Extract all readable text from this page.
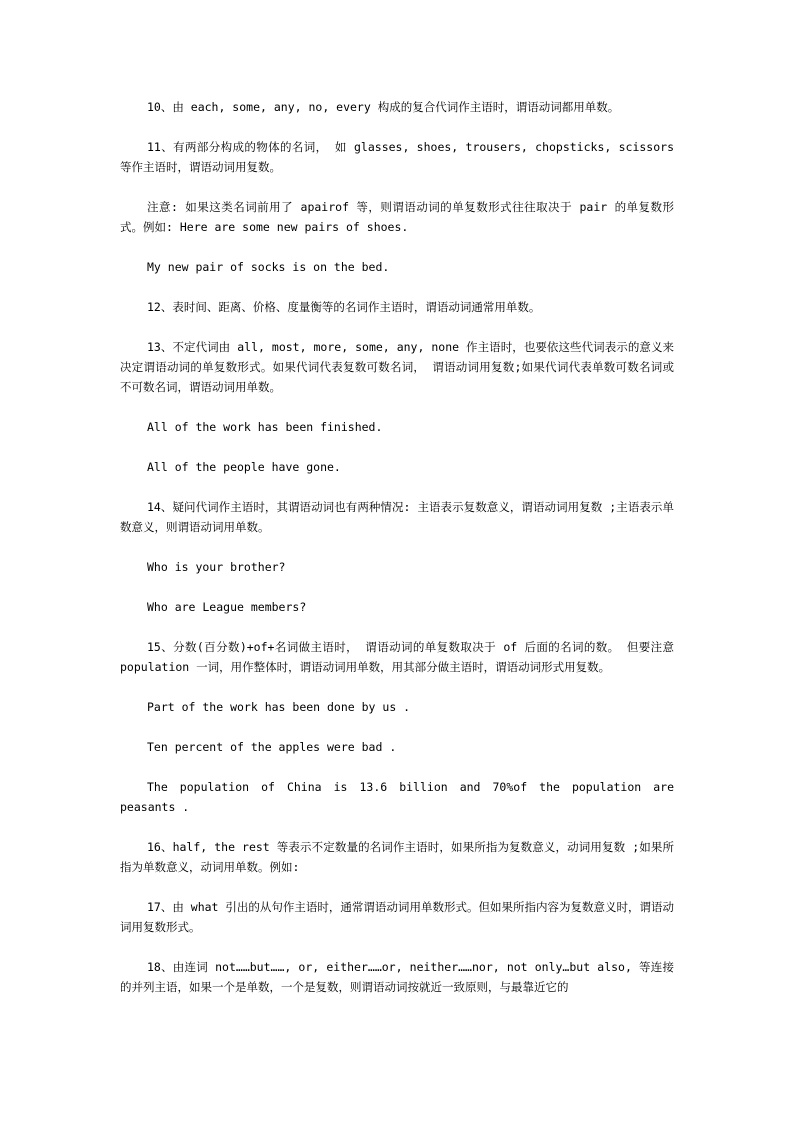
10、由 each, some, any, no, every 构成的复合代词作主语时，谓语动词都用单数。

11、有两部分构成的物体的名词， 如 glasses, shoes, trousers, chopsticks, scissors 等作主语时，谓语动词用复数。

注意: 如果这类名词前用了 apairof 等，则谓语动词的单复数形式往往取决于 pair 的单复数形式。例如: Here are some new pairs of shoes.

My new pair of socks is on the bed.

12、表时间、距离、价格、度量衡等的名词作主语时，谓语动词通常用单数。

13、不定代词由 all, most, more, some, any, none 作主语时，也要依这些代词表示的意义来决定谓语动词的单复数形式。如果代词代表复数可数名词， 谓语动词用复数;如果代词代表单数可数名词或不可数名词，谓语动词用单数。

All of the work has been finished.

All of the people have gone.

14、疑问代词作主语时，其谓语动词也有两种情况: 主语表示复数意义，谓语动词用复数 ;主语表示单数意义，则谓语动词用单数。

Who is your brother?

Who are League members?

15、分数(百分数)+of+名词做主语时， 谓语动词的单复数取决于 of 后面的名词的数。 但要注意 population 一词，用作整体时，谓语动词用单数，用其部分做主语时，谓语动词形式用复数。

Part of the work has been done by us .

Ten percent of the apples were bad .

The population of China is 13.6 billion and 70%of the population are peasants .

16、half, the rest 等表示不定数量的名词作主语时，如果所指为复数意义，动词用复数 ;如果所指为单数意义，动词用单数。例如:

17、由 what 引出的从句作主语时，通常谓语动词用单数形式。但如果所指内容为复数意义时，谓语动词用复数形式。

18、由连词 not……but……, or, either……or, neither……nor, not only…but also, 等连接的并列主语，如果一个是单数，一个是复数，则谓语动词按就近一致原则，与最靠近它的
